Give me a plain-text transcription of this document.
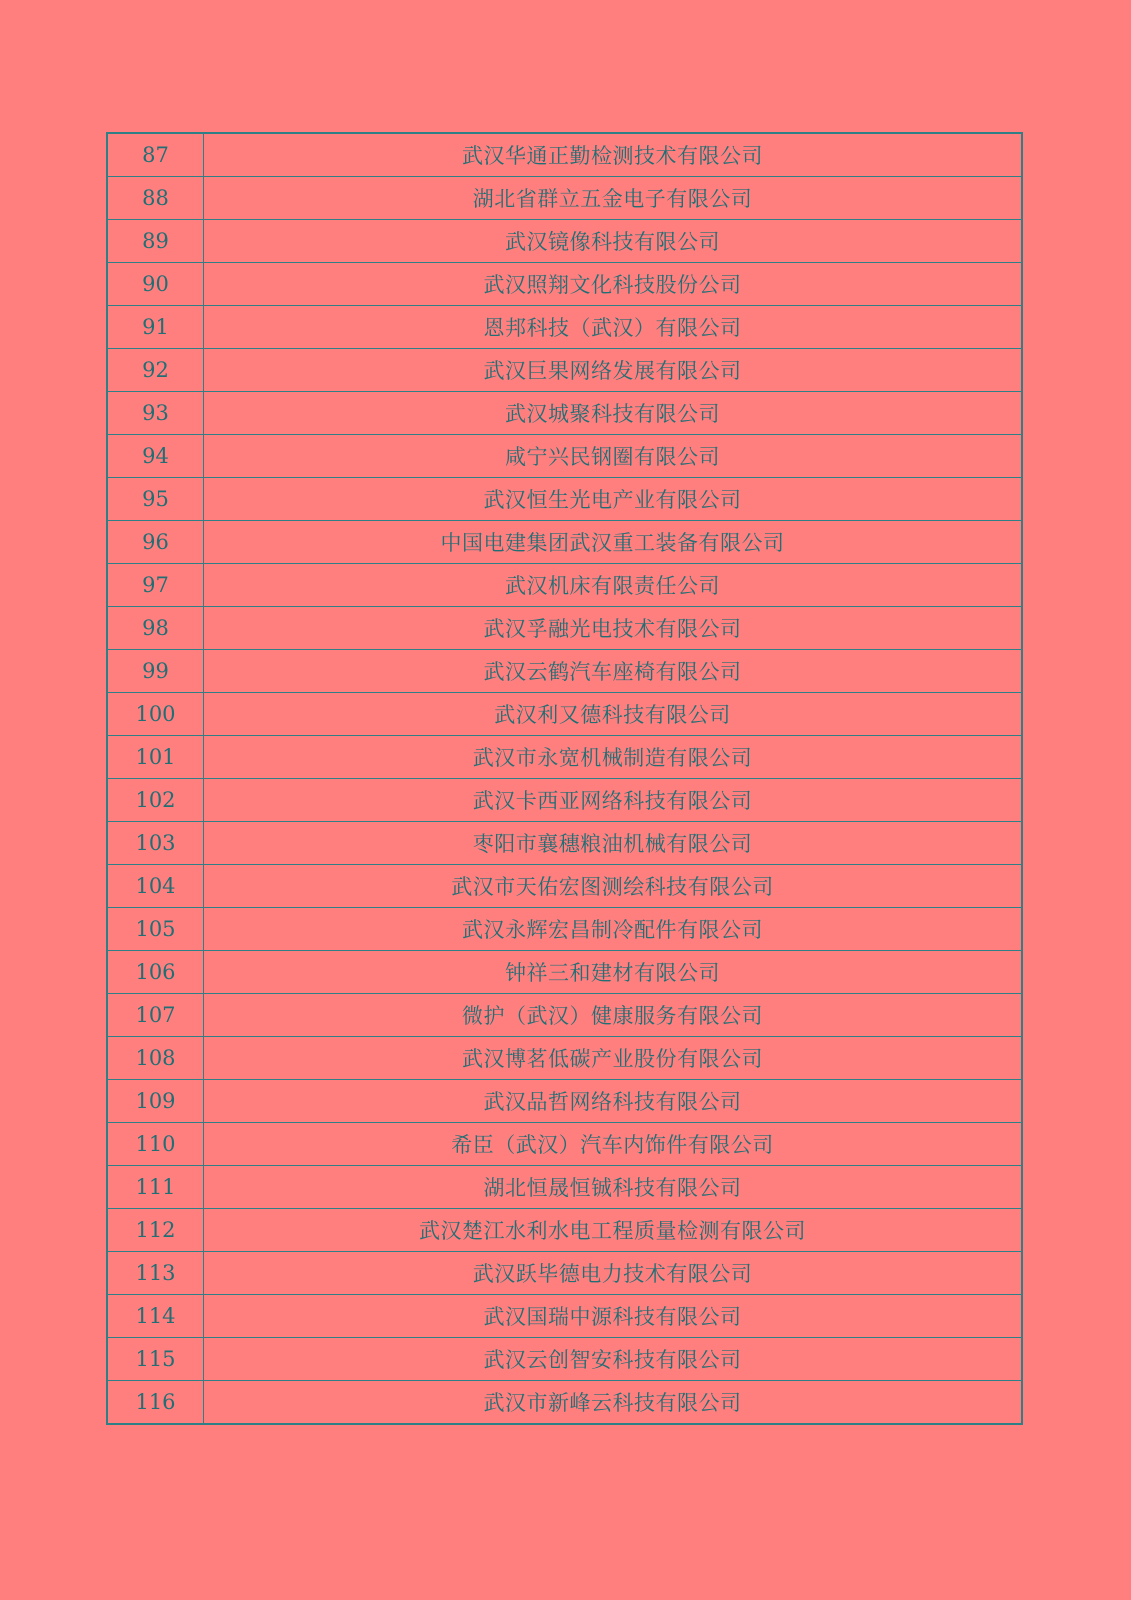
87	武汉华通正勤检测技术有限公司
88	湖北省群立五金电子有限公司
89	武汉镜像科技有限公司
90	武汉照翔文化科技股份公司
91	恩邦科技（武汉）有限公司
92	武汉巨果网络发展有限公司
93	武汉城聚科技有限公司
94	咸宁兴民钢圈有限公司
95	武汉恒生光电产业有限公司
96	中国电建集团武汉重工装备有限公司
97	武汉机床有限责任公司
98	武汉孚融光电技术有限公司
99	武汉云鹤汽车座椅有限公司
100	武汉利又德科技有限公司
101	武汉市永宽机械制造有限公司
102	武汉卡西亚网络科技有限公司
103	枣阳市襄穗粮油机械有限公司
104	武汉市天佑宏图测绘科技有限公司
105	武汉永辉宏昌制冷配件有限公司
106	钟祥三和建材有限公司
107	微护（武汉）健康服务有限公司
108	武汉博茗低碳产业股份有限公司
109	武汉品哲网络科技有限公司
110	希臣（武汉）汽车内饰件有限公司
111	湖北恒晟恒铖科技有限公司
112	武汉楚江水利水电工程质量检测有限公司
113	武汉跃毕德电力技术有限公司
114	武汉国瑞中源科技有限公司
115	武汉云创智安科技有限公司
116	武汉市新峰云科技有限公司
